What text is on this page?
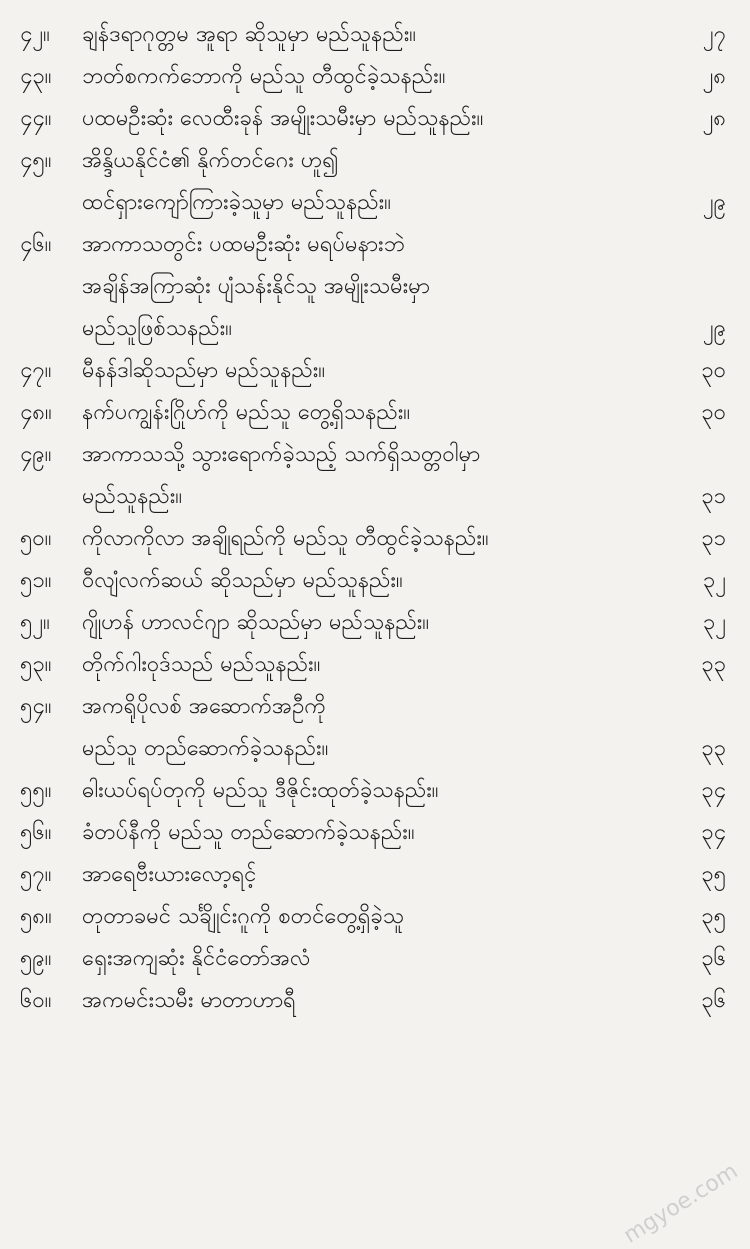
၄၂။	ချန်ဒရာဂုတ္တမ အူရာ ဆိုသူမှာ မည်သူနည်း။	၂၇
၄၃။	ဘတ်စကက်ဘောကို မည်သူ တီထွင်ခဲ့သနည်း။	၂၈
၄၄။	ပထမဦးဆုံး လေထီးခုန် အမျိုးသမီးမှာ မည်သူနည်း။	၂၈
၄၅။	အိန္ဒိယနိုင်ငံ၏ နိုက်တင်ဂေး ဟူ၍
ထင်ရှားကျော်ကြားခဲ့သူမှာ မည်သူနည်း။	၂၉
၄၆။	အာကာသတွင်း ပထမဦးဆုံး မရပ်မနားဘဲ
အချိန်အကြာဆုံး ပျံသန်းနိုင်သူ အမျိုးသမီးမှာ
မည်သူဖြစ်သနည်း။	၂၉
၄၇။	မီနန်ဒါဆိုသည်မှာ မည်သူနည်း။	၃၀
၄၈။	နက်ပကျွန်းဂြိုဟ်ကို မည်သူ တွေ့ရှိသနည်း။	၃၀
၄၉။	အာကာသသို့ သွားရောက်ခဲ့သည့် သက်ရှိသတ္တဝါမှာ
မည်သူနည်း။	၃၁
၅၀။	ကိုလာကိုလာ အချိုရည်ကို မည်သူ တီထွင်ခဲ့သနည်း။	၃၁
၅၁။	ဝီလျံလက်ဆယ် ဆိုသည်မှာ မည်သူနည်း။	၃၂
၅၂။	ဂျိုဟန် ဟာလင်ဂျာ ဆိုသည်မှာ မည်သူနည်း။	၃၂
၅၃။	တိုက်ဂါးဝုဒ်သည် မည်သူနည်း။	၃၃
၅၄။	အကရိုပိုလစ် အဆောက်အဦကို
မည်သူ တည်ဆောက်ခဲ့သနည်း။	၃၃
၅၅။	ဓါးယပ်ရပ်တုကို မည်သူ ဒီဇိုင်းထုတ်ခဲ့သနည်း။	၃၄
၅၆။	ခံတပ်နီကို မည်သူ တည်ဆောက်ခဲ့သနည်း။	၃၄
၅၇။	အာရေဗီးယားလော့ရင့်	၃၅
၅၈။	တုတာခမင် သင်္ချိုင်းဂူကို စတင်တွေ့ရှိခဲ့သူ	၃၅
၅၉။	ရှေးအကျဆုံး နိုင်ငံတော်အလံ	၃၆
၆၀။	အကမင်းသမီး မာတာဟာရီ	၃၆
mgyoe.com
